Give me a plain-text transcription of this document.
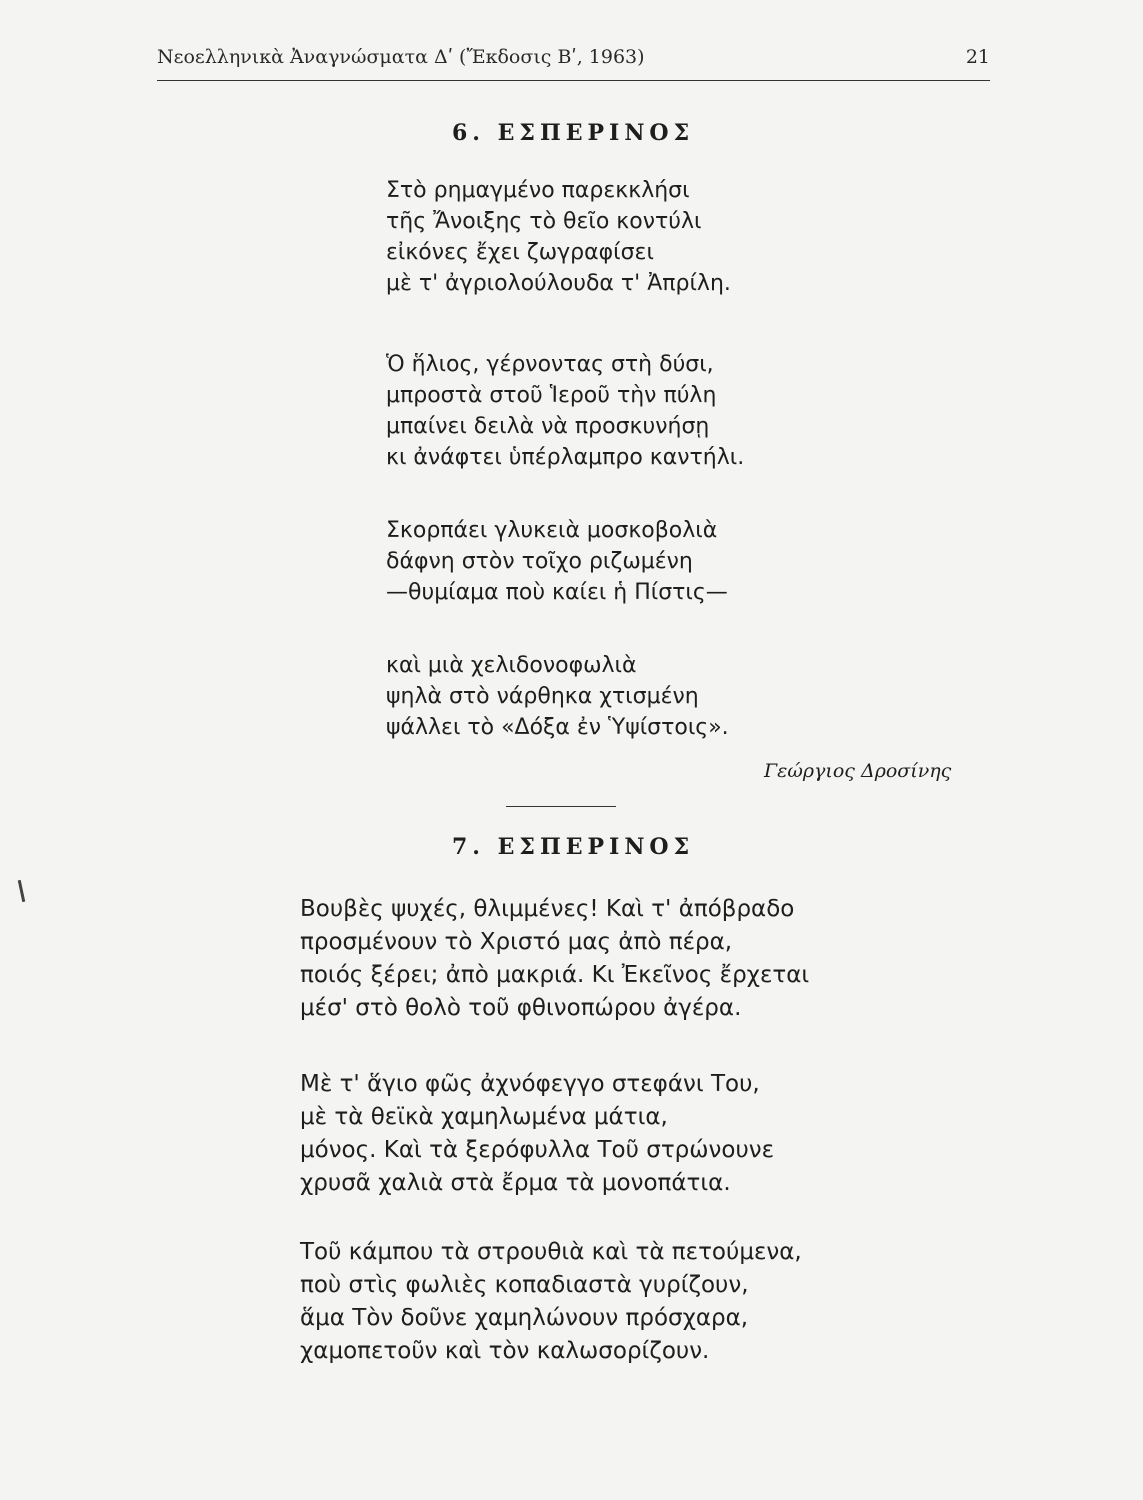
Νεοελληνικὰ Ἀναγνώσματα Δʹ (Ἔκδοσις Βʹ, 1963)	21
6. ΕΣΠΕΡΙΝΟΣ
Στὸ ρημαγμένο παρεκκλήσι
τῆς Ἄνοιξης τὸ θεῖο κοντύλι
εἰκόνες ἔχει ζωγραφίσει
μὲ τ' ἀγριολούλουδα τ' Ἀπρίλη.
Ὁ ἥλιος, γέρνοντας στὴ δύσι,
μπροστὰ στοῦ Ἱεροῦ τὴν πύλη
μπαίνει δειλὰ νὰ προσκυνήσῃ
κι ἀνάφτει ὑπέρλαμπρο καντήλι.
Σκορπάει γλυκειὰ μοσκοβολιὰ
δάφνη στὸν τοῖχο ριζωμένη
—θυμίαμα ποὺ καίει ἡ Πίστις—
καὶ μιὰ χελιδονοφωλιὰ
ψηλὰ στὸ νάρθηκα χτισμένη
ψάλλει τὸ «Δόξα ἐν Ὑψίστοις».
Γεώργιος Δροσίνης
7. ΕΣΠΕΡΙΝΟΣ
Βουβὲς ψυχές, θλιμμένες! Καὶ τ' ἀπόβραδο
προσμένουν τὸ Χριστό μας ἀπὸ πέρα,
ποιός ξέρει; ἀπὸ μακριά. Κι Ἐκεῖνος ἔρχεται
μέσ' στὸ θολὸ τοῦ φθινοπώρου ἀγέρα.
Μὲ τ' ἅγιο φῶς ἀχνόφεγγο στεφάνι Του,
μὲ τὰ θεϊκὰ χαμηλωμένα μάτια,
μόνος. Καὶ τὰ ξερόφυλλα Τοῦ στρώνουνε
χρυσᾶ χαλιὰ στὰ ἔρμα τὰ μονοπάτια.
Τοῦ κάμπου τὰ στρουθιὰ καὶ τὰ πετούμενα,
ποὺ στὶς φωλιὲς κοπαδιαστὰ γυρίζουν,
ἅμα Τὸν δοῦνε χαμηλώνουν πρόσχαρα,
χαμοπετοῦν καὶ τὸν καλωσορίζουν.
